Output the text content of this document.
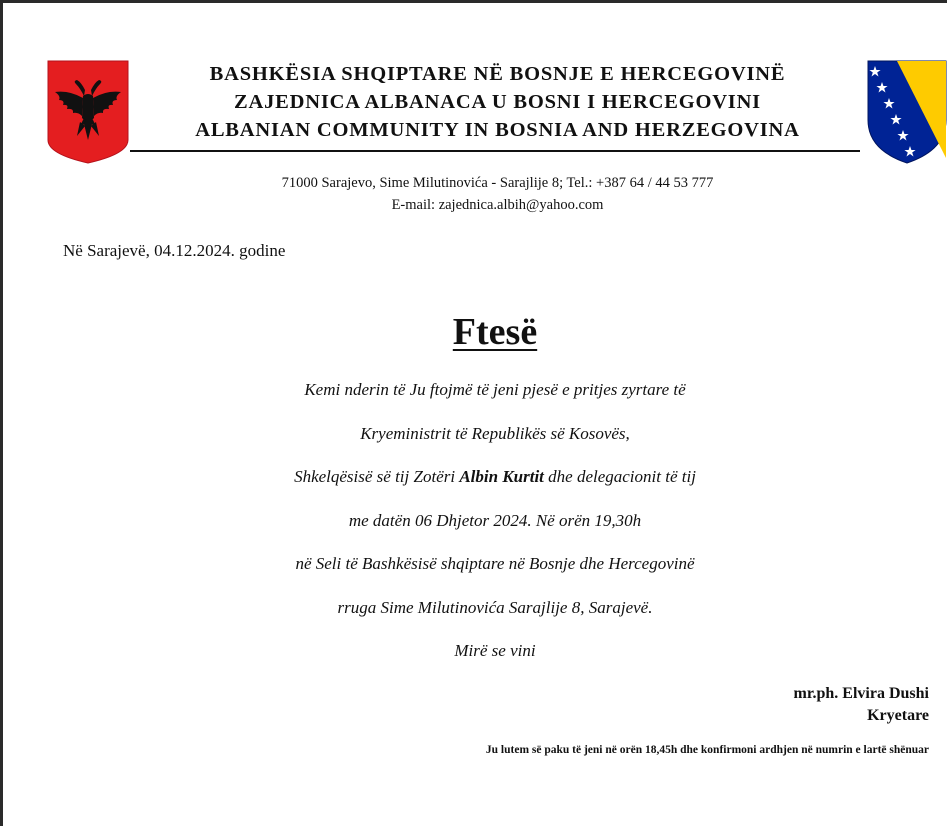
BASHKËSIA SHQIPTARE NË BOSNJE E HERCEGOVINË
ZAJEDNICA ALBANACA U BOSNI I HERCEGOVINI
ALBANIAN COMMUNITY IN BOSNIA AND HERZEGOVINA
71000 Sarajevo, Sime Milutinovića - Sarajlije 8; Tel.: +387 64 / 44 53 777
E-mail: zajednica.albih@yahoo.com
Në Sarajevë, 04.12.2024. godine
Ftesë
Kemi nderin të Ju ftojmë të jeni pjesë e pritjes zyrtare të
Kryeministrit të Republikës së Kosovës,
Shkelqësisë së tij Zotëri Albin Kurtit dhe delegacionit të tij
me datën 06 Dhjetor 2024. Në orën 19,30h
në Seli të Bashkësisë shqiptare në Bosnje dhe Hercegovinë
rruga Sime Milutinovića Sarajlije 8, Sarajevë.
Mirë se vini
mr.ph. Elvira Dushi
Kryetare
Ju lutem së paku të jeni në orën 18,45h dhe konfirmoni ardhjen në numrin e lartë shënuar
